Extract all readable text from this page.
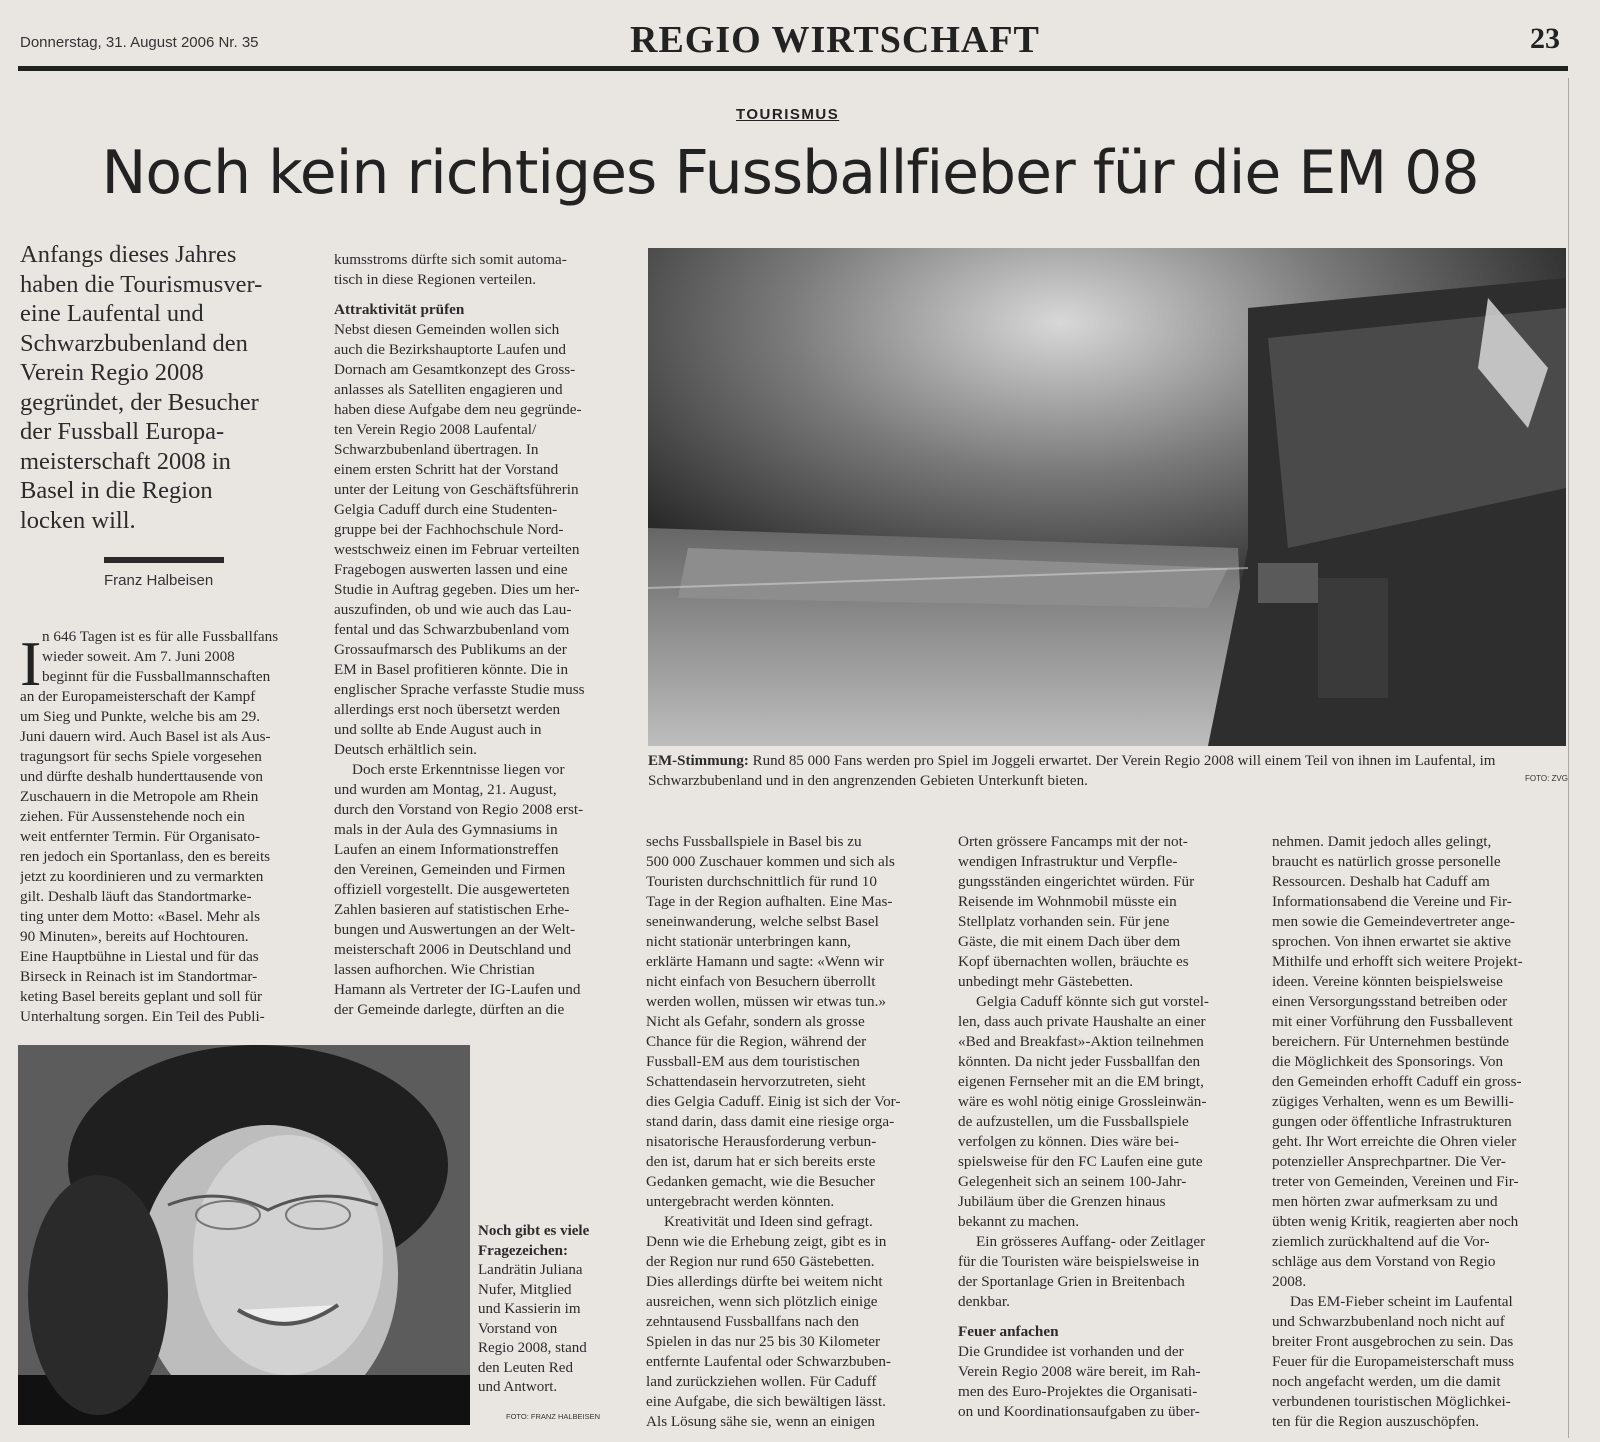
Donnerstag, 31. August 2006 Nr. 35	REGIO WIRTSCHAFT	23
TOURISMUS
Noch kein richtiges Fussballfieber für die EM 08
Anfangs dieses Jahres
haben die Tourismusver-
eine Laufental und
Schwarzbubenland den
Verein Regio 2008
gegründet, der Besucher
der Fussball Europa-
meisterschaft 2008 in
Basel in die Region
locken will.
Franz Halbeisen
I n 646 Tagen ist es für alle Fussballfans
wieder soweit. Am 7. Juni 2008
beginnt für die Fussballmannschaften
an der Europameisterschaft der Kampf
um Sieg und Punkte, welche bis am 29.
Juni dauern wird. Auch Basel ist als Aus-
tragungsort für sechs Spiele vorgesehen
und dürfte deshalb hunderttausende von
Zuschauern in die Metropole am Rhein
ziehen. Für Aussenstehende noch ein
weit entfernter Termin. Für Organisato-
ren jedoch ein Sportanlass, den es bereits
jetzt zu koordinieren und zu vermarkten
gilt. Deshalb läuft das Standortmarke-
ting unter dem Motto: «Basel. Mehr als
90 Minuten», bereits auf Hochtouren.
Eine Hauptbühne in Liestal und für das
Birseck in Reinach ist im Standortmar-
keting Basel bereits geplant und soll für
Unterhaltung sorgen. Ein Teil des Publi-
kumsstroms dürfte sich somit automa-
tisch in diese Regionen verteilen.
Attraktivität prüfen
Nebst diesen Gemeinden wollen sich
auch die Bezirkshauptorte Laufen und
Dornach am Gesamtkonzept des Gross-
anlasses als Satelliten engagieren und
haben diese Aufgabe dem neu gegründe-
ten Verein Regio 2008 Laufental/
Schwarzbubenland übertragen. In
einem ersten Schritt hat der Vorstand
unter der Leitung von Geschäftsführerin
Gelgia Caduff durch eine Studenten-
gruppe bei der Fachhochschule Nord-
westschweiz einen im Februar verteilten
Fragebogen auswerten lassen und eine
Studie in Auftrag gegeben. Dies um her-
auszufinden, ob und wie auch das Lau-
fental und das Schwarzbubenland vom
Grossaufmarsch des Publikums an der
EM in Basel profitieren könnte. Die in
englischer Sprache verfasste Studie muss
allerdings erst noch übersetzt werden
und sollte ab Ende August auch in
Deutsch erhältlich sein.
Doch erste Erkenntnisse liegen vor
und wurden am Montag, 21. August,
durch den Vorstand von Regio 2008 erst-
mals in der Aula des Gymnasiums in
Laufen an einem Informationstreffen
den Vereinen, Gemeinden und Firmen
offiziell vorgestellt. Die ausgewerteten
Zahlen basieren auf statistischen Erhe-
bungen und Auswertungen an der Welt-
meisterschaft 2006 in Deutschland und
lassen aufhorchen. Wie Christian
Hamann als Vertreter der IG-Laufen und
der Gemeinde darlegte, dürften an die
EM-Stimmung: Rund 85 000 Fans werden pro Spiel im Joggeli erwartet. Der Verein Regio 2008 will einem Teil von ihnen im Laufental, im Schwarzbubenland und in den angrenzenden Gebieten Unterkunft bieten.	FOTO: ZVG
sechs Fussballspiele in Basel bis zu
500 000 Zuschauer kommen und sich als
Touristen durchschnittlich für rund 10
Tage in der Region aufhalten. Eine Mas-
seneinwanderung, welche selbst Basel
nicht stationär unterbringen kann,
erklärte Hamann und sagte: «Wenn wir
nicht einfach von Besuchern überrollt
werden wollen, müssen wir etwas tun.»
Nicht als Gefahr, sondern als grosse
Chance für die Region, während der
Fussball-EM aus dem touristischen
Schattendasein hervorzutreten, sieht
dies Gelgia Caduff. Einig ist sich der Vor-
stand darin, dass damit eine riesige orga-
nisatorische Herausforderung verbun-
den ist, darum hat er sich bereits erste
Gedanken gemacht, wie die Besucher
untergebracht werden könnten.
Kreativität und Ideen sind gefragt.
Denn wie die Erhebung zeigt, gibt es in
der Region nur rund 650 Gästebetten.
Dies allerdings dürfte bei weitem nicht
ausreichen, wenn sich plötzlich einige
zehntausend Fussballfans nach den
Spielen in das nur 25 bis 30 Kilometer
entfernte Laufental oder Schwarzbuben-
land zurückziehen wollen. Für Caduff
eine Aufgabe, die sich bewältigen lässt.
Als Lösung sähe sie, wenn an einigen
Orten grössere Fancamps mit der not-
wendigen Infrastruktur und Verpfle-
gungsständen eingerichtet würden. Für
Reisende im Wohnmobil müsste ein
Stellplatz vorhanden sein. Für jene
Gäste, die mit einem Dach über dem
Kopf übernachten wollen, bräuchte es
unbedingt mehr Gästebetten.
Gelgia Caduff könnte sich gut vorstel-
len, dass auch private Haushalte an einer
«Bed and Breakfast»-Aktion teilnehmen
könnten. Da nicht jeder Fussballfan den
eigenen Fernseher mit an die EM bringt,
wäre es wohl nötig einige Grossleinwän-
de aufzustellen, um die Fussballspiele
verfolgen zu können. Dies wäre bei-
spielsweise für den FC Laufen eine gute
Gelegenheit sich an seinem 100-Jahr-
Jubiläum über die Grenzen hinaus
bekannt zu machen.
Ein grösseres Auffang- oder Zeitlager
für die Touristen wäre beispielsweise in
der Sportanlage Grien in Breitenbach
denkbar.
Feuer anfachen
Die Grundidee ist vorhanden und der
Verein Regio 2008 wäre bereit, im Rah-
men des Euro-Projektes die Organisati-
on und Koordinationsaufgaben zu über-
nehmen. Damit jedoch alles gelingt,
braucht es natürlich grosse personelle
Ressourcen. Deshalb hat Caduff am
Informationsabend die Vereine und Fir-
men sowie die Gemeindevertreter ange-
sprochen. Von ihnen erwartet sie aktive
Mithilfe und erhofft sich weitere Projekt-
ideen. Vereine könnten beispielsweise
einen Versorgungsstand betreiben oder
mit einer Vorführung den Fussballevent
bereichern. Für Unternehmen bestünde
die Möglichkeit des Sponsorings. Von
den Gemeinden erhofft Caduff ein gross-
zügiges Verhalten, wenn es um Bewilli-
gungen oder öffentliche Infrastrukturen
geht. Ihr Wort erreichte die Ohren vieler
potenzieller Ansprechpartner. Die Ver-
treter von Gemeinden, Vereinen und Fir-
men hörten zwar aufmerksam zu und
übten wenig Kritik, reagierten aber noch
ziemlich zurückhaltend auf die Vor-
schläge aus dem Vorstand von Regio
2008.
Das EM-Fieber scheint im Laufental
und Schwarzbubenland noch nicht auf
breiter Front ausgebrochen zu sein. Das
Feuer für die Europameisterschaft muss
noch angefacht werden, um die damit
verbundenen touristischen Möglichkei-
ten für die Region auszuschöpfen.
Noch gibt es viele
Fragezeichen:
Landrätin Juliana
Nufer, Mitglied
und Kassierin im
Vorstand von
Regio 2008, stand
den Leuten Red
und Antwort.
FOTO: FRANZ HALBEISEN
